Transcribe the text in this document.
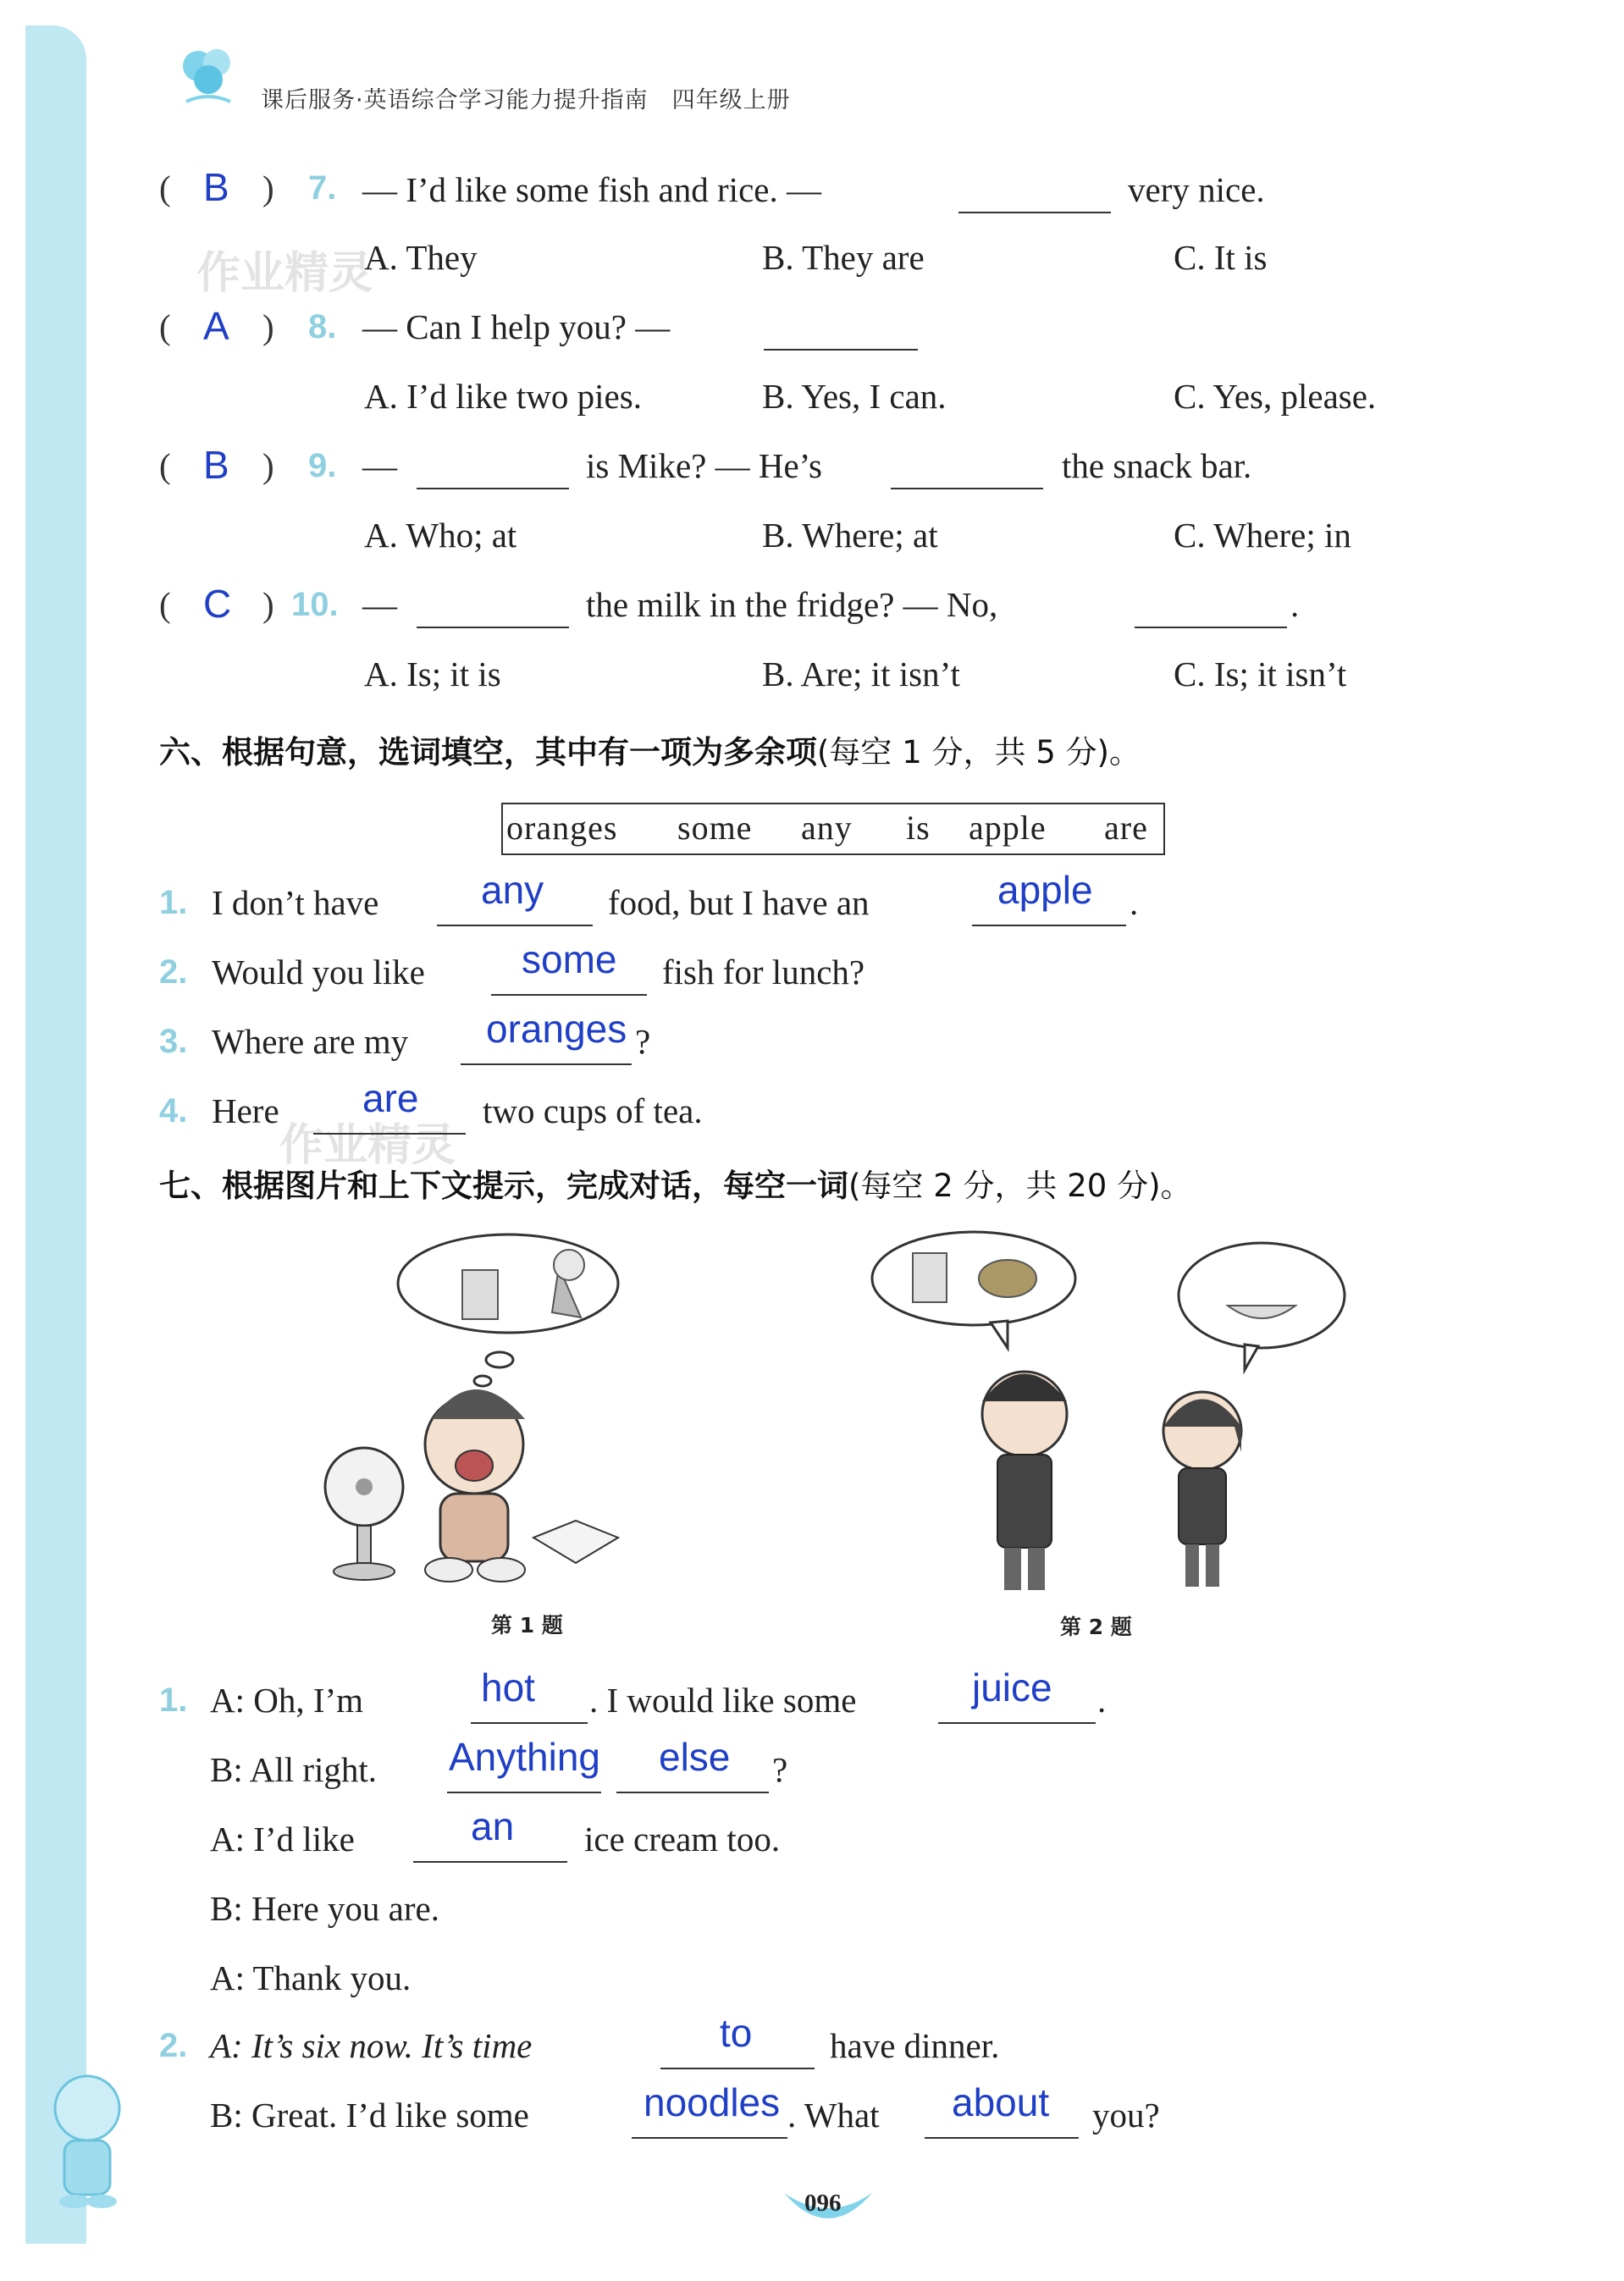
课后服务·英语综合学习能力提升指南　四年级上册
作业精灵
作业精灵
( B ) 7. — I’d like some fish and rice. —	very nice.
A. They	B. They are	C. It is
( A ) 8. — Can I help you? —
A. I’d like two pies.	B. Yes, I can.	C. Yes, please.
( B ) 9. —	is Mike? — He’s	the snack bar.
A. Who; at	B. Where; at	C. Where; in
( C ) 10. —	the milk in the fridge? — No,	.
A. Is; it is	B. Are; it isn’t	C. Is; it isn’t
六、根据句意，选词填空，其中有一项为多余项(每空 1 分，共 5 分)。
oranges some any is apple are
1. I don’t have	any food, but I have an	apple .
2. Would you like some fish for lunch?
3. Where are my oranges ?
4. Here are two cups of tea.
七、根据图片和上下文提示，完成对话，每空一词(每空 2 分，共 20 分)。
第 1 题	第 2 题
1. A: Oh, I’m	hot . I would like some	juice .
B: All right. Anything else ?
A: I’d like	an ice cream too.
B: Here you are.
A: Thank you.
2. A: It’s six now. It’s time	to have dinner.
B: Great. I’d like some	noodles . What about you?
096
